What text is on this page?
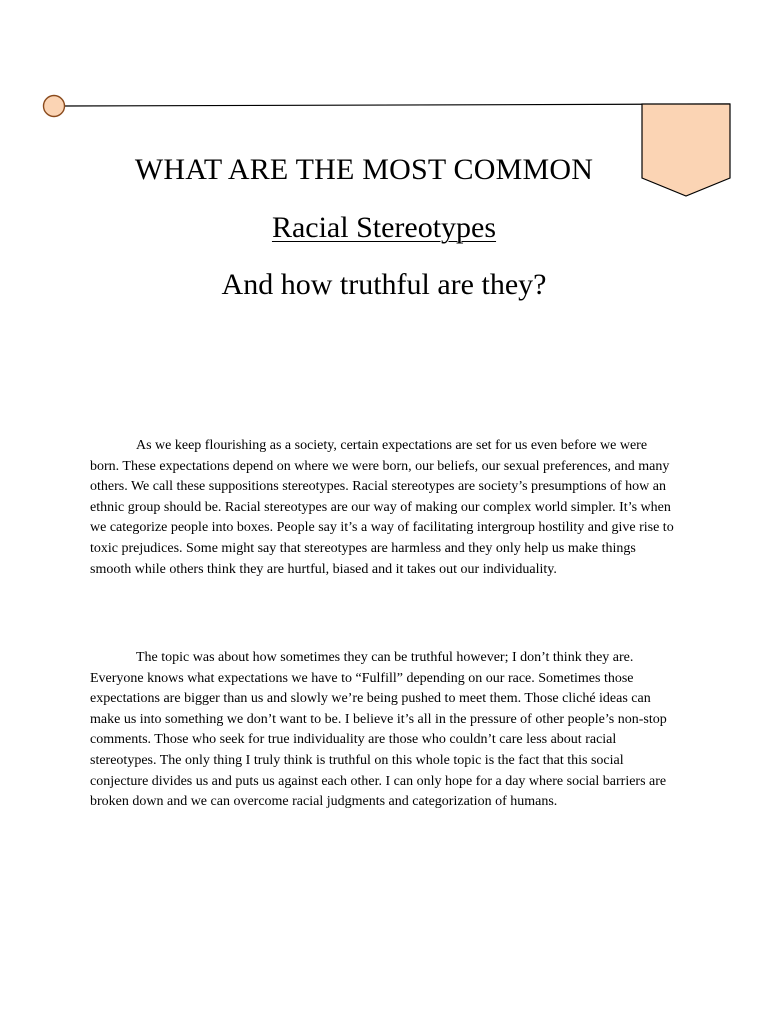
WHAT ARE THE MOST COMMON
Racial Stereotypes
And how truthful are they?

As we keep flourishing as a society, certain expectations are set for us even before we were born. These expectations depend on where we were born, our beliefs, our sexual preferences, and many others. We call these suppositions stereotypes. Racial stereotypes are society’s presumptions of how an ethnic group should be. Racial stereotypes are our way of making our complex world simpler. It’s when we categorize people into boxes. People say it’s a way of facilitating intergroup hostility and give rise to toxic prejudices. Some might say that stereotypes are harmless and they only help us make things smooth while others think they are hurtful, biased and it takes out our individuality.

The topic was about how sometimes they can be truthful however; I don’t think they are. Everyone knows what expectations we have to “Fulfill” depending on our race. Sometimes those expectations are bigger than us and slowly we’re being pushed to meet them. Those cliché ideas can make us into something we don’t want to be. I believe it’s all in the pressure of other people’s non-stop comments. Those who seek for true individuality are those who couldn’t care less about racial stereotypes. The only thing I truly think is truthful on this whole topic is the fact that this social conjecture divides us and puts us against each other. I can only hope for a day where social barriers are broken down and we can overcome racial judgments and categorization of humans.
